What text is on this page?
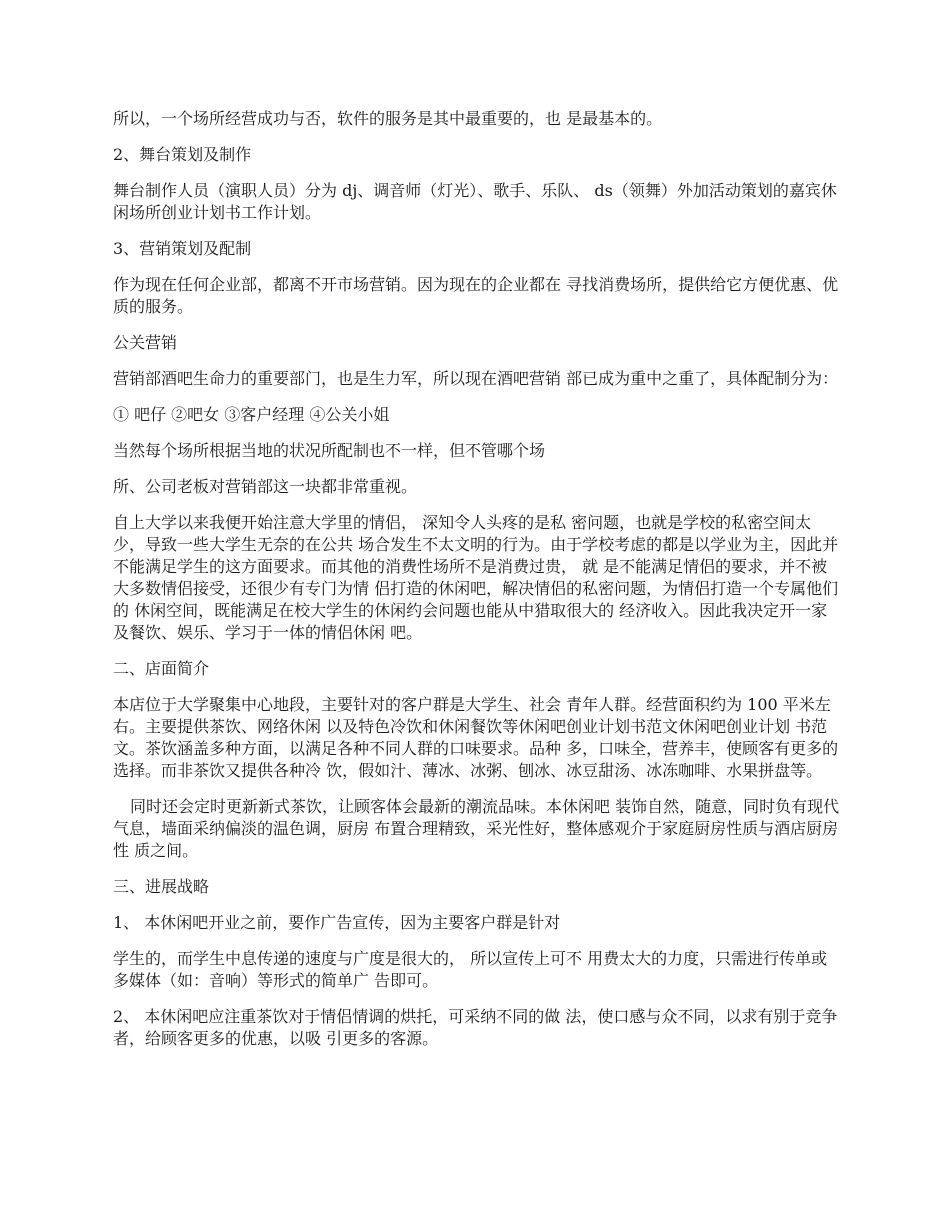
所以，一个场所经营成功与否，软件的服务是其中最重要的，也 是最基本的。

2、舞台策划及制作

舞台制作人员（演职人员）分为 dj、调音师（灯光）、歌手、乐队、 ds（领舞）外加活动策划的嘉宾休闲场所创业计划书工作计划。

3、营销策划及配制

作为现在任何企业部，都离不开市场营销。因为现在的企业都在 寻找消费场所，提供给它方便优惠、优质的服务。

公关营销

营销部酒吧生命力的重要部门，也是生力军，所以现在酒吧营销 部已成为重中之重了，具体配制分为：

① 吧仔 ②吧女 ③客户经理 ④公关小姐

当然每个场所根据当地的状况所配制也不一样，但不管哪个场

所、公司老板对营销部这一块都非常重视。

自上大学以来我便开始注意大学里的情侣， 深知令人头疼的是私 密问题，也就是学校的私密空间太少，导致一些大学生无奈的在公共 场合发生不太文明的行为。由于学校考虑的都是以学业为主，因此并 不能满足学生的这方面要求。而其他的消费性场所不是消费过贵， 就 是不能满足情侣的要求，并不被大多数情侣接受，还很少有专门为情 侣打造的休闲吧，解决情侣的私密问题，为情侣打造一个专属他们的 休闲空间，既能满足在校大学生的休闲约会问题也能从中猎取很大的 经济收入。因此我决定开一家及餐饮、娱乐、学习于一体的情侣休闲 吧。

二、店面简介

本店位于大学聚集中心地段，主要针对的客户群是大学生、社会 青年人群。经营面积约为 100 平米左右。主要提供茶饮、网络休闲 以及特色冷饮和休闲餐饮等休闲吧创业计划书范文休闲吧创业计划 书范文。茶饮涵盖多种方面，以满足各种不同人群的口味要求。品种 多，口味全，营养丰，使顾客有更多的选择。而非茶饮又提供各种冷 饮，假如汁、薄冰、冰粥、刨冰、冰豆甜汤、冰冻咖啡、水果拼盘等。

同时还会定时更新新式茶饮，让顾客体会最新的潮流品味。本休闲吧 装饰自然，随意，同时负有现代气息，墙面采纳偏淡的温色调，厨房 布置合理精致，采光性好，整体感观介于家庭厨房性质与酒店厨房性 质之间。

三、进展战略

1、 本休闲吧开业之前，要作广告宣传，因为主要客户群是针对

学生的，而学生中息传递的速度与广度是很大的， 所以宣传上可不 用费太大的力度，只需进行传单或多媒体（如：音响）等形式的简单广 告即可。

2、 本休闲吧应注重茶饮对于情侣情调的烘托，可采纳不同的做 法，使口感与众不同，以求有别于竞争者，给顾客更多的优惠，以吸 引更多的客源。
